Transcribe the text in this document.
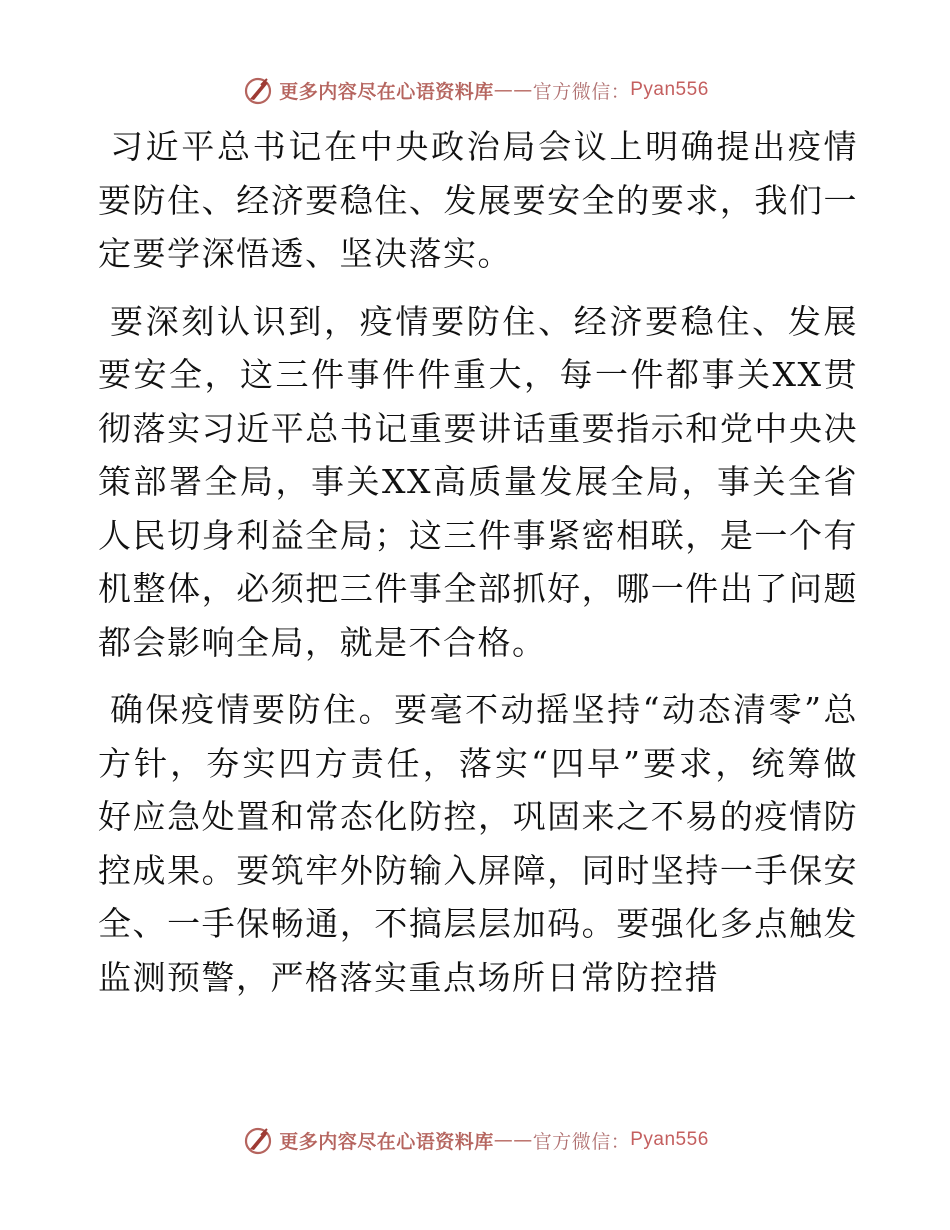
更多内容尽在心语资料库 —— 官方微信： Pyan556

习近平总书记在中央政治局会议上明确提出疫情要防住、经济要稳住、发展要安全的要求，我们一定要学深悟透、坚决落实。

要深刻认识到，疫情要防住、经济要稳住、发展要安全，这三件事件件重大，每一件都事关XX贯彻落实习近平总书记重要讲话重要指示和党中央决策部署全局，事关XX高质量发展全局，事关全省人民切身利益全局；这三件事紧密相联，是一个有机整体，必须把三件事全部抓好，哪一件出了问题都会影响全局，就是不合格。

确保疫情要防住。要毫不动摇坚持“动态清零”总方针，夯实四方责任，落实“四早”要求，统筹做好应急处置和常态化防控，巩固来之不易的疫情防控成果。要筑牢外防输入屏障，同时坚持一手保安全、一手保畅通，不搞层层加码。要强化多点触发监测预警，严格落实重点场所日常防控措

更多内容尽在心语资料库 —— 官方微信： Pyan556
